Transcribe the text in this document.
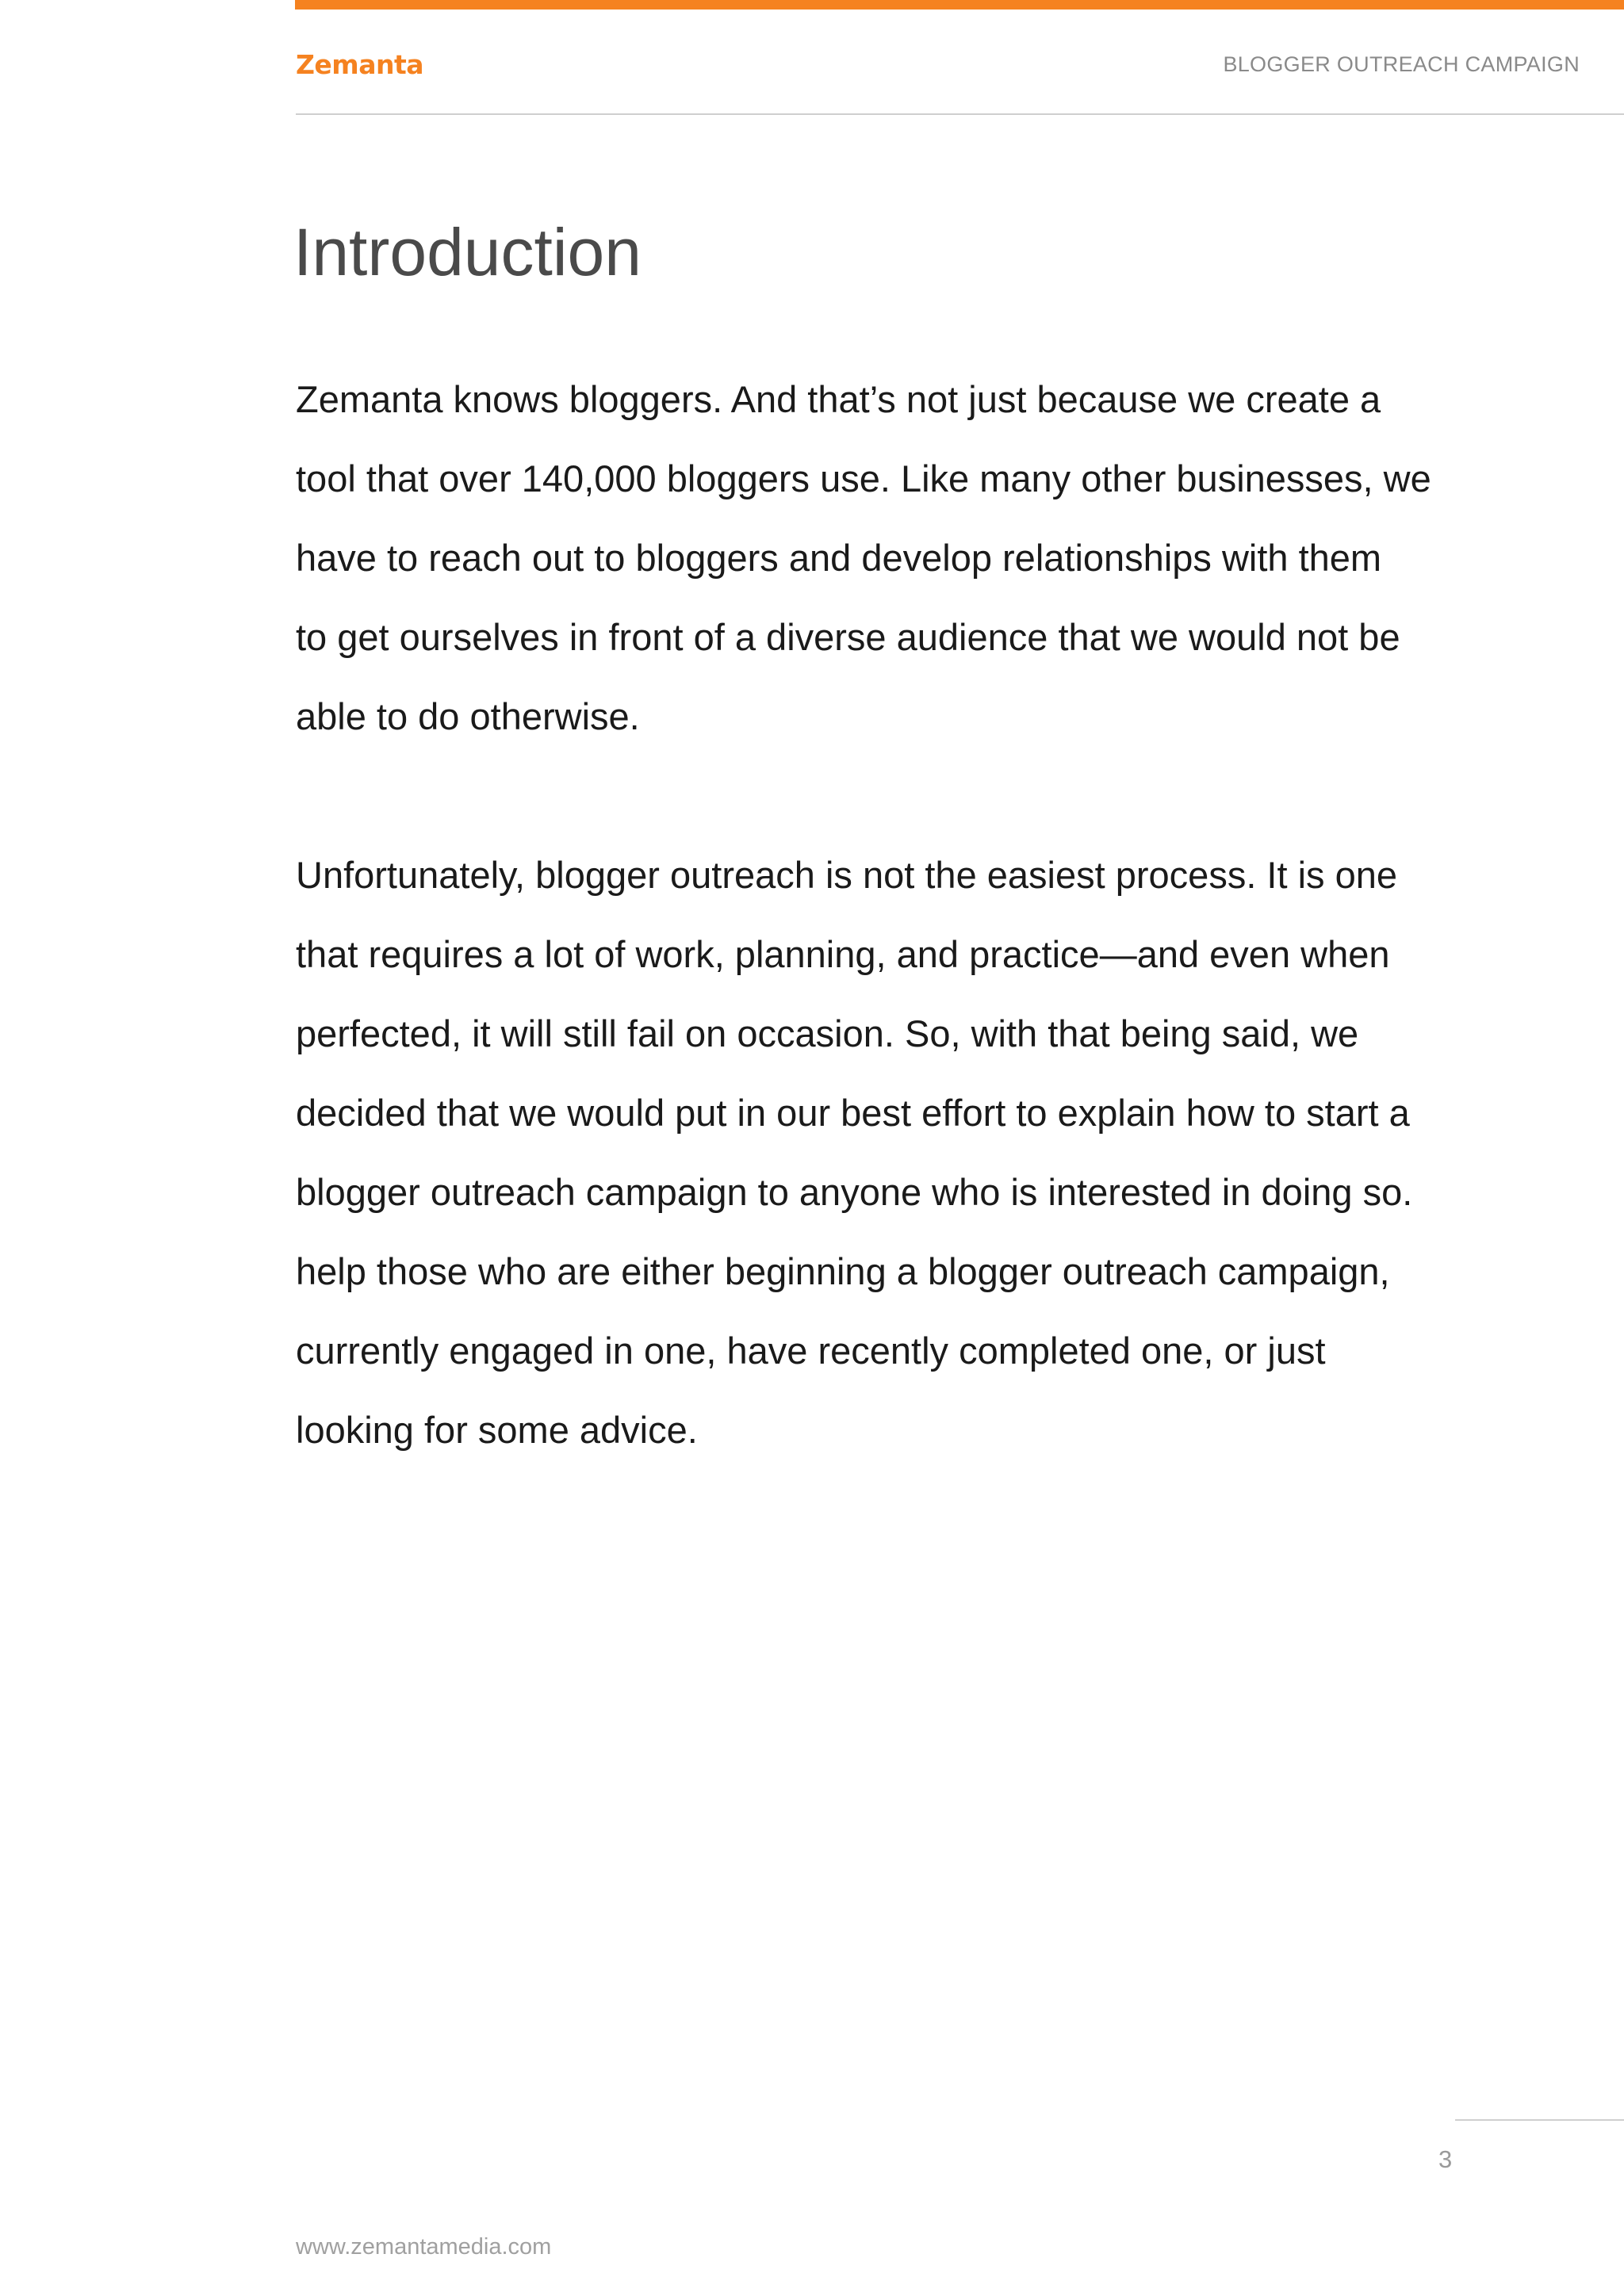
Zemanta	BLOGGER OUTREACH CAMPAIGN
Introduction

Zemanta knows bloggers. And that’s not just because we create a
tool that over 140,000 bloggers use. Like many other businesses, we
have to reach out to bloggers and develop relationships with them
to get ourselves in front of a diverse audience that we would not be
able to do otherwise.

Unfortunately, blogger outreach is not the easiest process. It is one
that requires a lot of work, planning, and practice—and even when
perfected, it will still fail on occasion. So, with that being said, we
decided that we would put in our best effort to explain how to start a
blogger outreach campaign to anyone who is interested in doing so.
help those who are either beginning a blogger outreach campaign,
currently engaged in one, have recently completed one, or just
looking for some advice.

3
www.zemantamedia.com
